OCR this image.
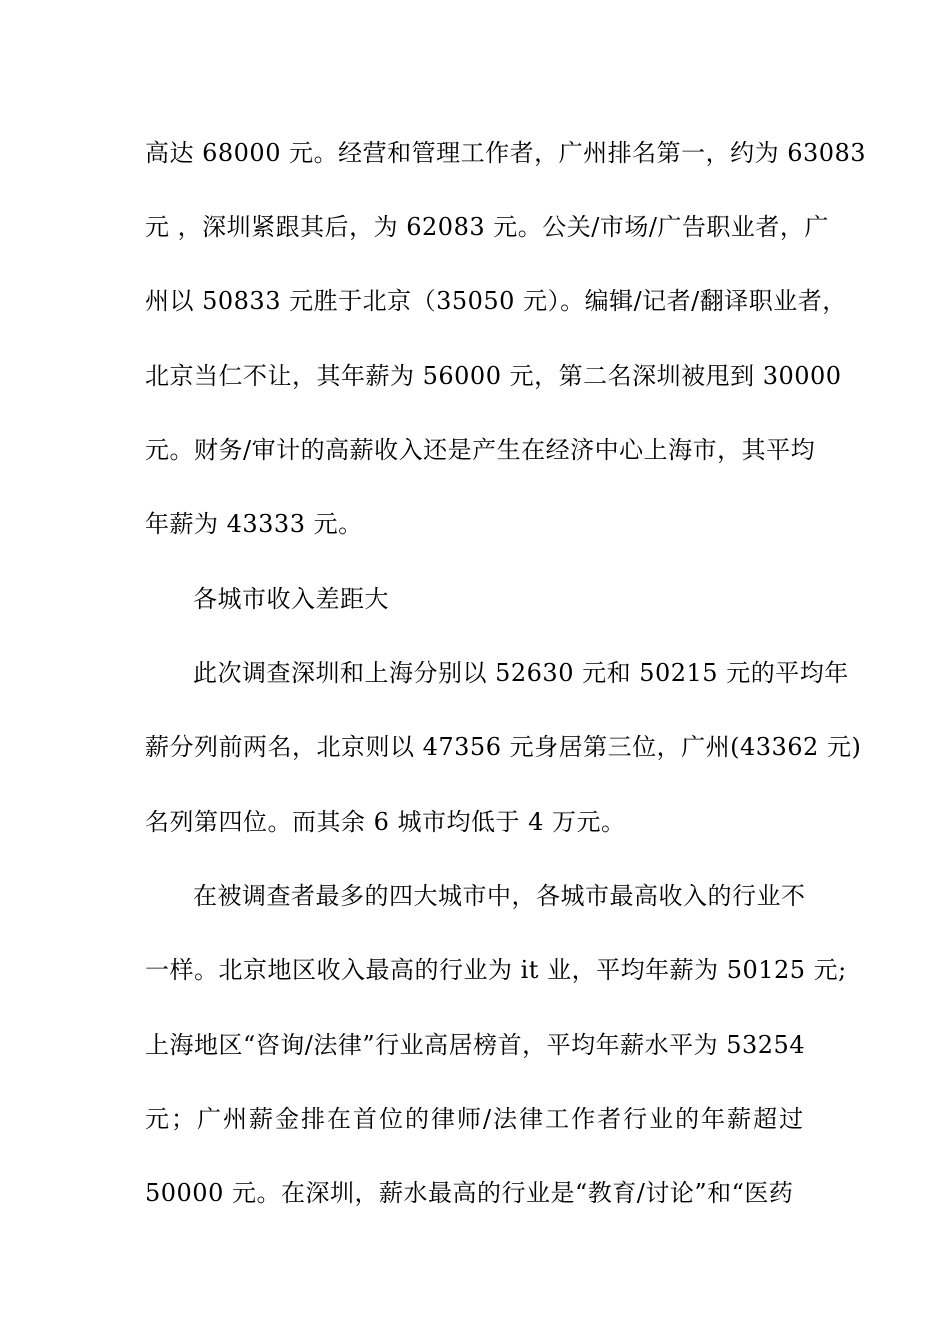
高达 68000 元。经营和管理工作者，广州排名第一，约为 63083
元 ，深圳紧跟其后，为 62083 元。公关/市场/广告职业者，广
州以 50833 元胜于北京（35050 元）。编辑/记者/翻译职业者，
北京当仁不让，其年薪为 56000 元，第二名深圳被甩到 30000
元。财务/审计的高薪收入还是产生在经济中心上海市，其平均
年薪为 43333 元。
各城市收入差距大
此次调查深圳和上海分别以 52630 元和 50215 元的平均年
薪分列前两名，北京则以 47356 元身居第三位，广州(43362 元)
名列第四位。而其余 6 城市均低于 4 万元。
在被调查者最多的四大城市中，各城市最高收入的行业不
一样。北京地区收入最高的行业为 it 业，平均年薪为 50125 元;
上海地区“咨询/法律”行业高居榜首，平均年薪水平为 53254
元；广州薪金排在首位的律师/法律工作者行业的年薪超过
50000 元。在深圳，薪水最高的行业是“教育/讨论”和“医药
